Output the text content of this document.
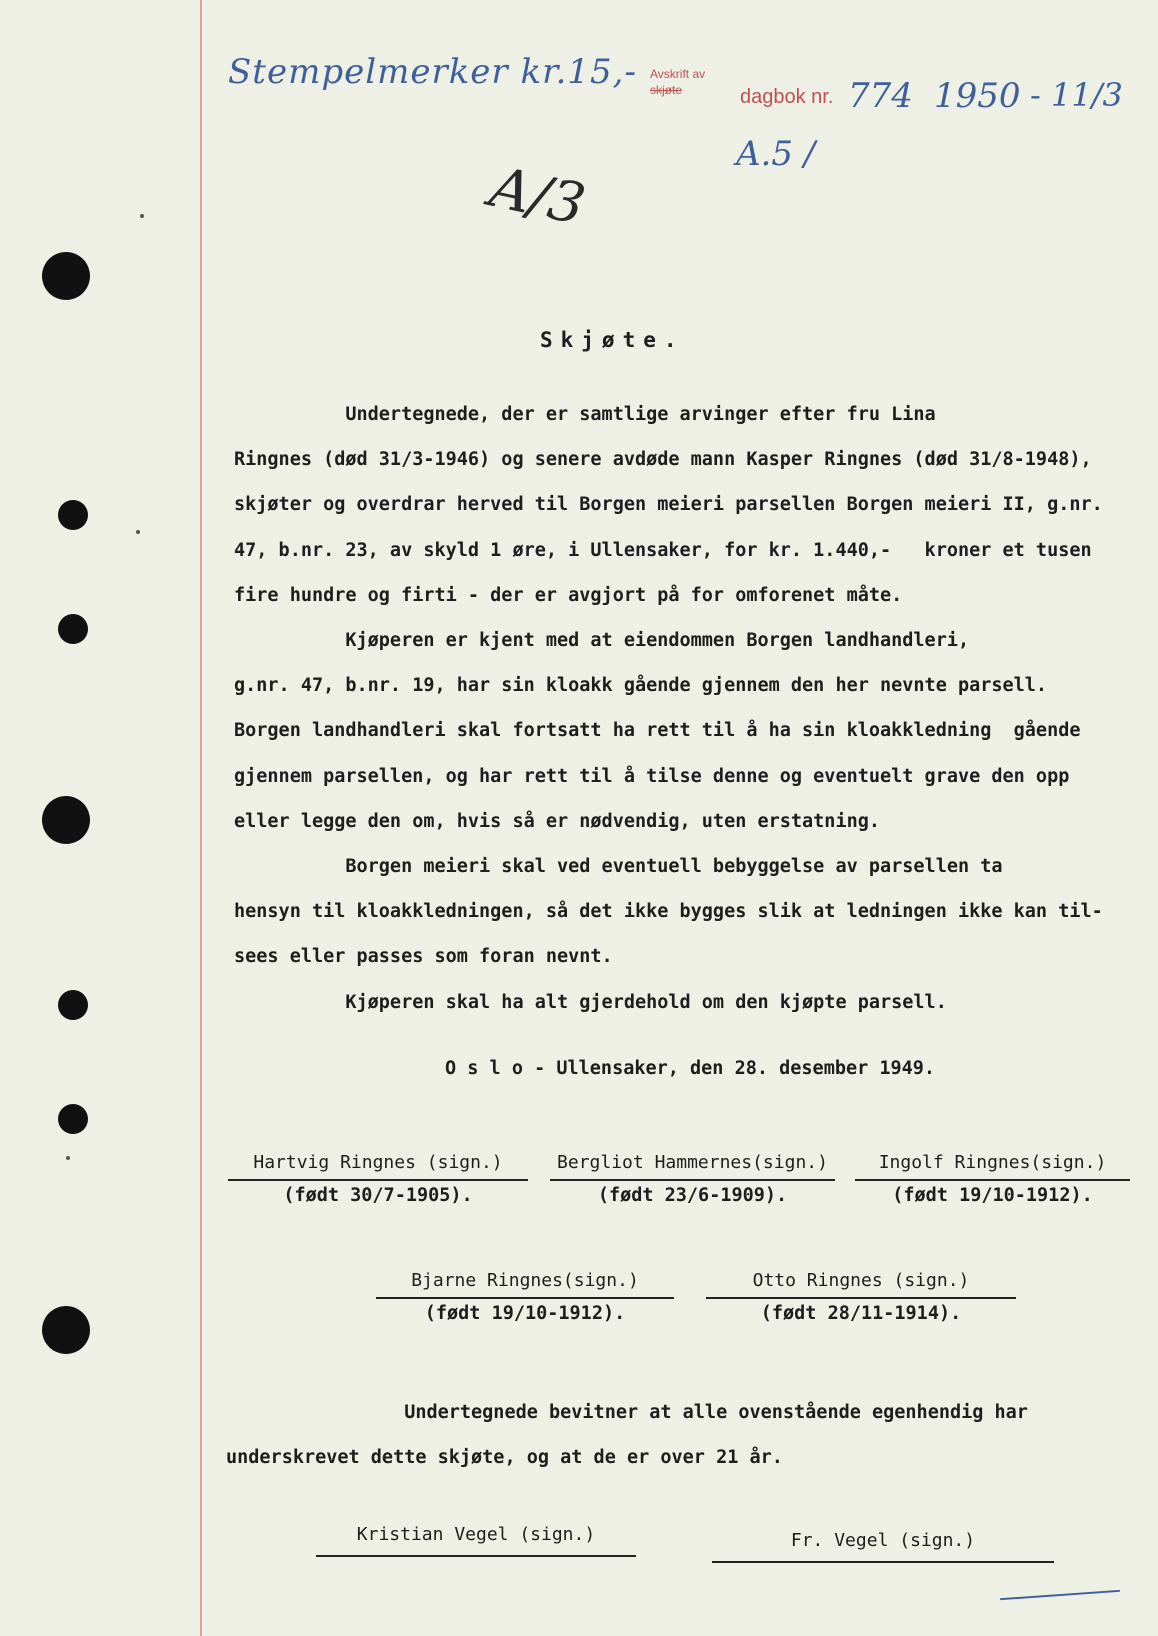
Stempelmerker kr.15,- Avskrift av
skjøte	dagbok nr. 774 1950 - 11/3
A.5 /
A/3
Skjøte.

Undertegnede, der er samtlige arvinger efter fru Lina

Ringnes (død 31/3-1946) og senere avdøde mann Kasper Ringnes (død 31/8-1948),

skjøter og overdrar herved til Borgen meieri parsellen Borgen meieri II, g.nr.

47, b.nr. 23, av skyld 1 øre, i Ullensaker, for kr. 1.440,-   kroner et tusen

fire hundre og firti - der er avgjort på for omforenet måte.

Kjøperen er kjent med at eiendommen Borgen landhandleri,

g.nr. 47, b.nr. 19, har sin kloakk gående gjennem den her nevnte parsell.

Borgen landhandleri skal fortsatt ha rett til å ha sin kloakkledning  gående

gjennem parsellen, og har rett til å tilse denne og eventuelt grave den opp

eller legge den om, hvis så er nødvendig, uten erstatning.

Borgen meieri skal ved eventuell bebyggelse av parsellen ta

hensyn til kloakkledningen, så det ikke bygges slik at ledningen ikke kan til-

sees eller passes som foran nevnt.

Kjøperen skal ha alt gjerdehold om den kjøpte parsell.

O s l o - Ullensaker, den 28. desember 1949.
Hartvig Ringnes (sign.)
(født 30/7-1905).
Bergliot Hammernes(sign.)
(født 23/6-1909).
Ingolf Ringnes(sign.)
(født 19/10-1912).
Bjarne Ringnes(sign.)
(født 19/10-1912).
Otto Ringnes (sign.)
(født 28/11-1914).

Undertegnede bevitner at alle ovenstående egenhendig har

underskrevet dette skjøte, og at de er over 21 år.

Kristian Vegel (sign.)	Fr. Vegel (sign.)
